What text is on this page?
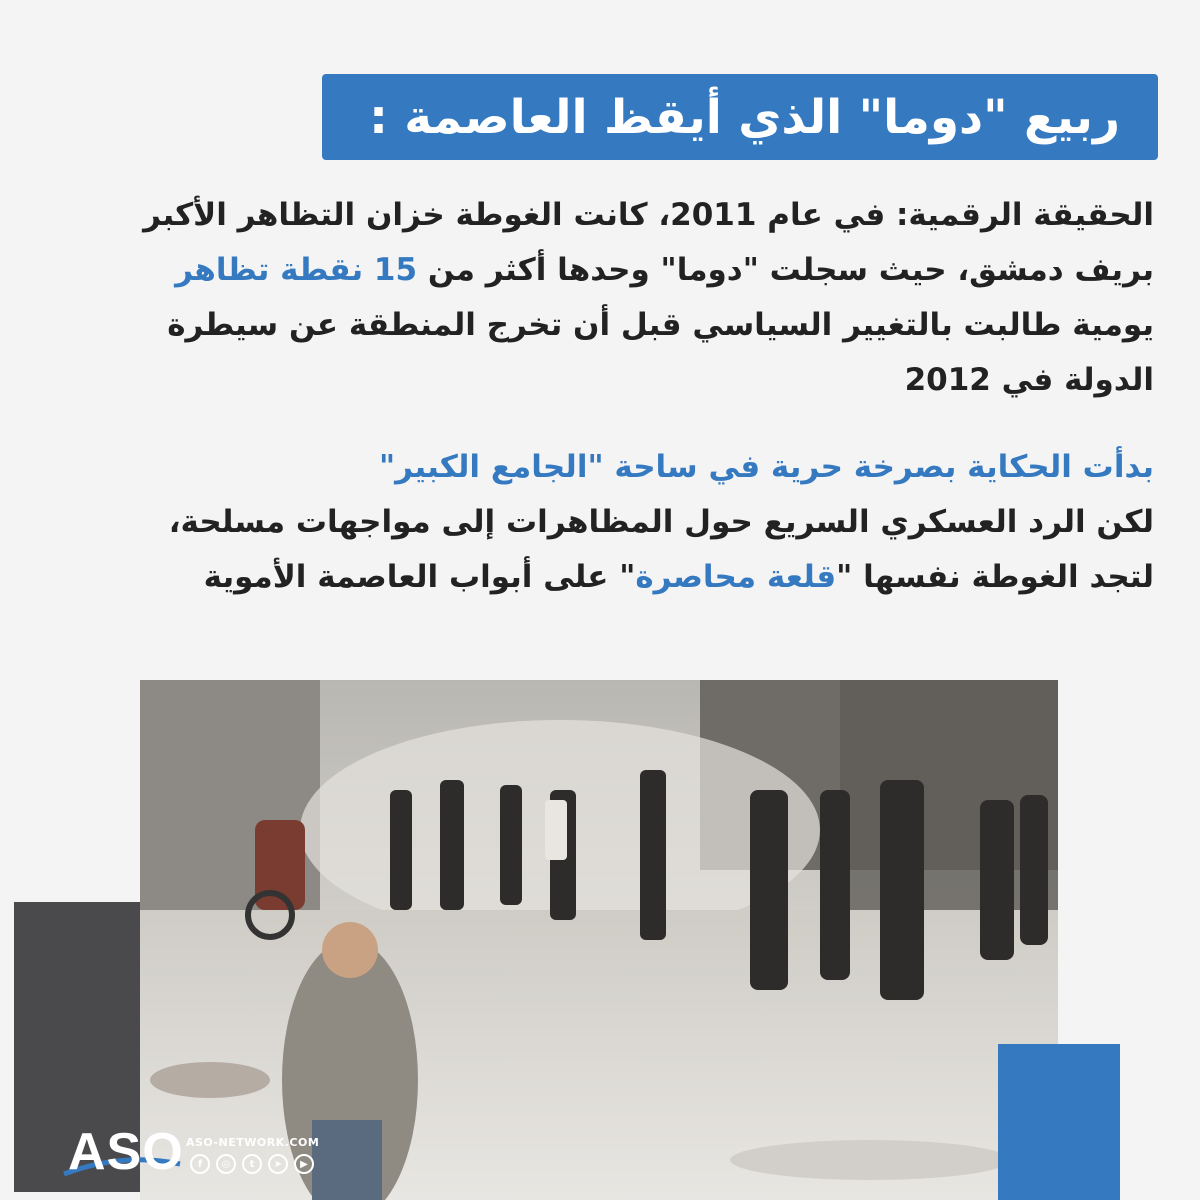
ربيع "دوما" الذي أيقظ العاصمة :
الحقيقة الرقمية: في عام 2011، كانت الغوطة خزان التظاهر الأكبر
بريف دمشق، حيث سجلت "دوما" وحدها أكثر من 15 نقطة تظاهر
يومية طالبت بالتغيير السياسي قبل أن تخرج المنطقة عن سيطرة
الدولة في 2012
بدأت الحكاية بصرخة حرية في ساحة "الجامع الكبير"
لكن الرد العسكري السريع حول المظاهرات إلى مواجهات مسلحة،
لتجد الغوطة نفسها "قلعة محاصرة" على أبواب العاصمة الأموية
ASO ASO-NETWORK.COM
f	◎	t	➤	▶
